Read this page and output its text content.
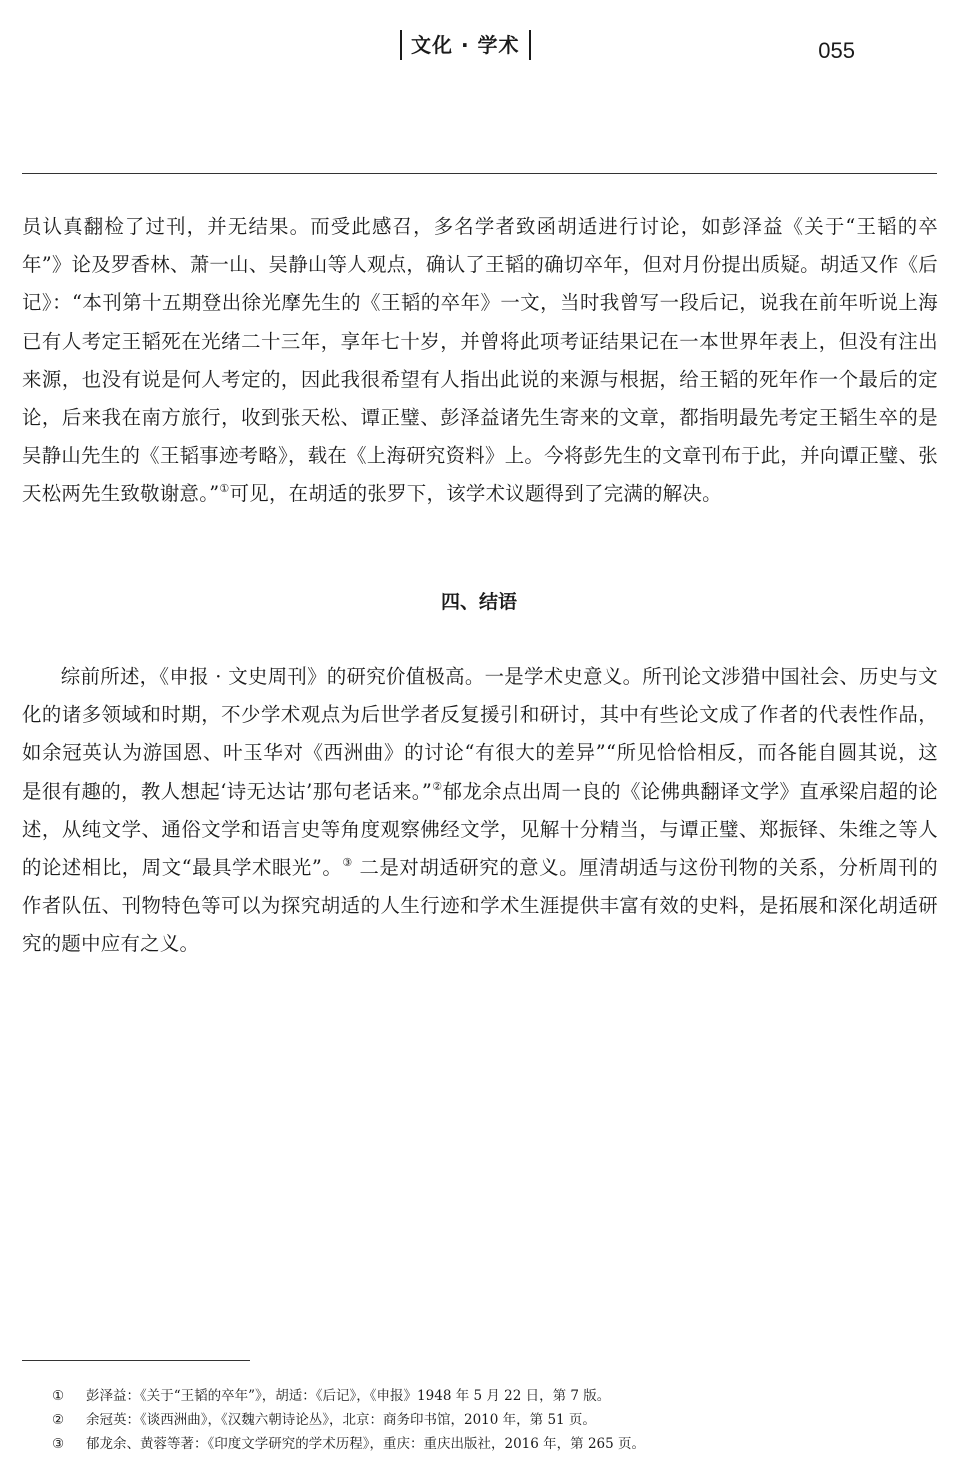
文化 · 学术	055

员认真翻检了过刊，并无结果。而受此感召，多名学者致函胡适进行讨论，如彭泽益《关于“王韬的卒年”》论及罗香林、萧一山、吴静山等人观点，确认了王韬的确切卒年，但对月份提出质疑。胡适又作《后记》：“本刊第十五期登出徐光摩先生的《王韬的卒年》一文，当时我曾写一段后记，说我在前年听说上海已有人考定王韬死在光绪二十三年，享年七十岁，并曾将此项考证结果记在一本世界年表上，但没有注出来源，也没有说是何人考定的，因此我很希望有人指出此说的来源与根据，给王韬的死年作一个最后的定论，后来我在南方旅行，收到张天松、谭正璧、彭泽益诸先生寄来的文章，都指明最先考定王韬生卒的是吴静山先生的《王韬事迹考略》，载在《上海研究资料》上。今将彭先生的文章刊布于此，并向谭正璧、张天松两先生致敬谢意。”①可见，在胡适的张罗下，该学术议题得到了完满的解决。

四、结语

综前所述，《申报 · 文史周刊》的研究价值极高。一是学术史意义。所刊论文涉猎中国社会、历史与文化的诸多领域和时期，不少学术观点为后世学者反复援引和研讨，其中有些论文成了作者的代表性作品，如余冠英认为游国恩、叶玉华对《西洲曲》的讨论“有很大的差异”“所见恰恰相反，而各能自圆其说，这是很有趣的，教人想起‘诗无达诂’那句老话来。”②郁龙余点出周一良的《论佛典翻译文学》直承梁启超的论述，从纯文学、通俗文学和语言史等角度观察佛经文学，见解十分精当，与谭正璧、郑振铎、朱维之等人的论述相比，周文“最具学术眼光”。③ 二是对胡适研究的意义。厘清胡适与这份刊物的关系，分析周刊的作者队伍、刊物特色等可以为探究胡适的人生行迹和学术生涯提供丰富有效的史料，是拓展和深化胡适研究的题中应有之义。

①	彭泽益：《关于“王韬的卒年”》，胡适：《后记》，《申报》1948 年 5 月 22 日，第 7 版。
②	余冠英：《谈西洲曲》，《汉魏六朝诗论丛》，北京：商务印书馆，2010 年，第 51 页。
③	郁龙余、黄蓉等著：《印度文学研究的学术历程》，重庆：重庆出版社，2016 年，第 265 页。
